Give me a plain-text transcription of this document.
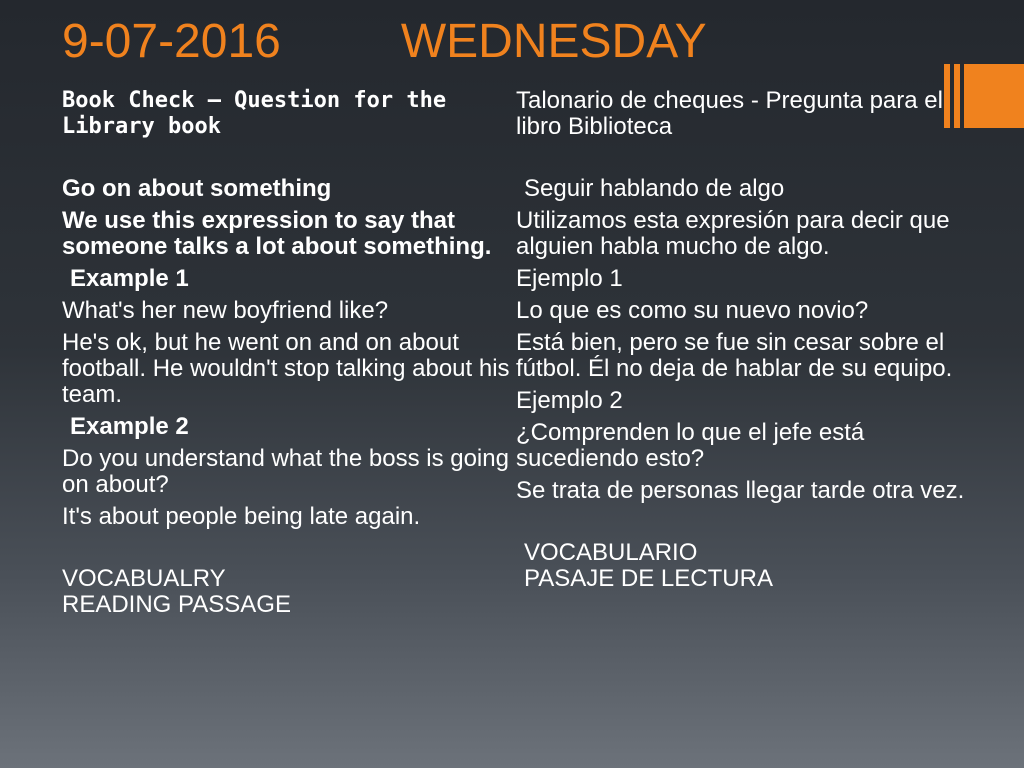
9-07-2016         WEDNESDAY

Book Check – Question for the Library book

Go on about something

We use this expression to say that someone talks a lot about something.

Example 1

What's her new boyfriend like?

He's ok, but he went on and on about football. He wouldn't stop talking about his team.

Example 2

Do you understand what the boss is going on about?

It's about people being late again.

VOCABUALRY

READING PASSAGE

Talonario de cheques - Pregunta para el libro Biblioteca

Seguir hablando de algo

Utilizamos esta expresión para decir que alguien habla mucho de algo.

Ejemplo 1

Lo que es como su nuevo novio?

Está bien, pero se fue sin cesar sobre el fútbol. Él no deja de hablar de su equipo.

Ejemplo 2

¿Comprenden lo que el jefe está sucediendo esto?

Se trata de personas llegar tarde otra vez.

VOCABULARIO

PASAJE DE LECTURA
